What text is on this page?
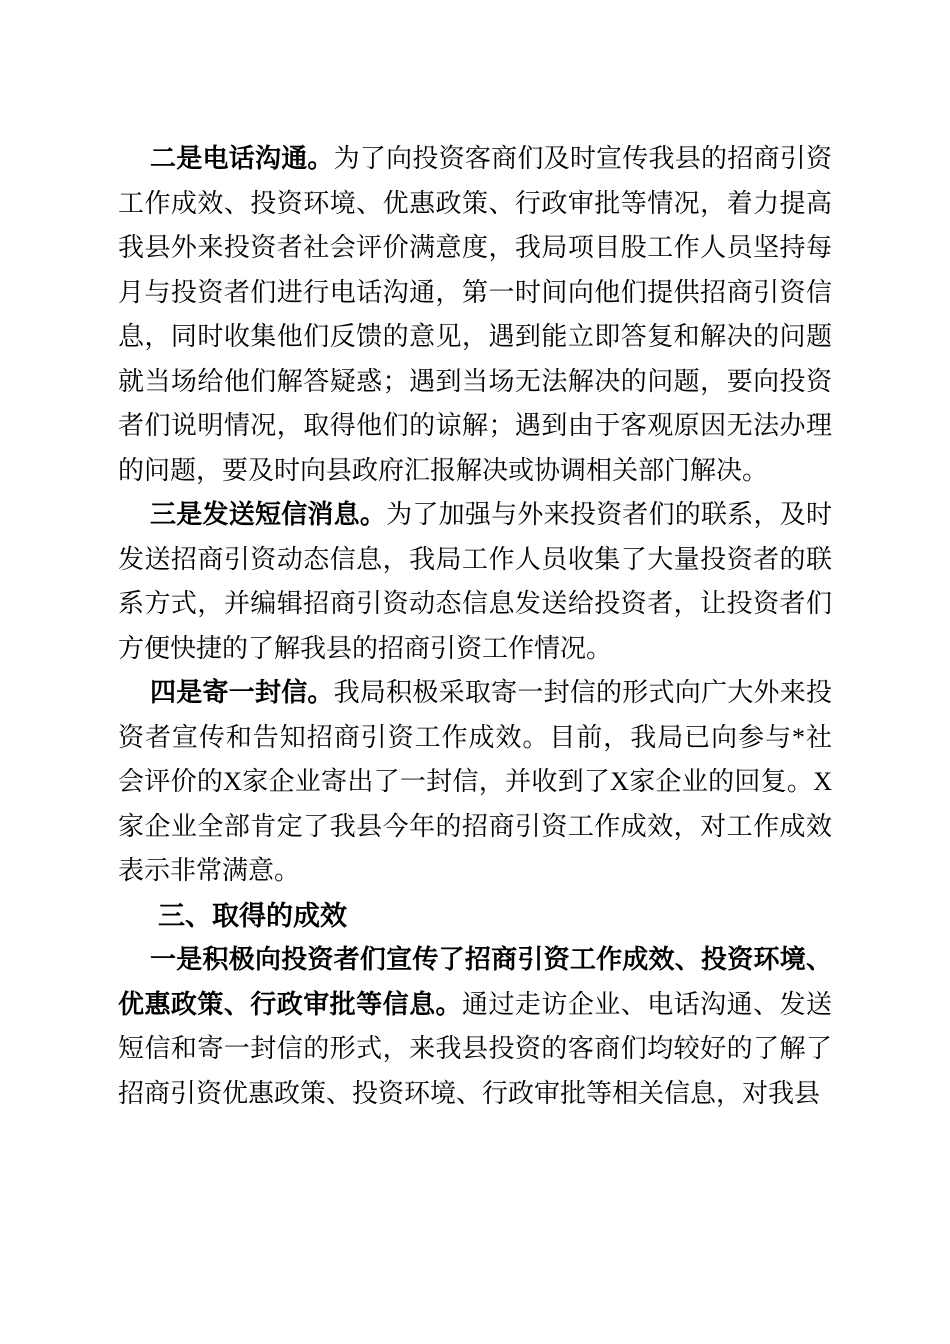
二是电话沟通。为了向投资客商们及时宣传我县的招商引资工作成效、投资环境、优惠政策、行政审批等情况，着力提高我县外来投资者社会评价满意度，我局项目股工作人员坚持每月与投资者们进行电话沟通，第一时间向他们提供招商引资信息，同时收集他们反馈的意见，遇到能立即答复和解决的问题就当场给他们解答疑惑；遇到当场无法解决的问题，要向投资者们说明情况，取得他们的谅解；遇到由于客观原因无法办理的问题，要及时向县政府汇报解决或协调相关部门解决。

三是发送短信消息。为了加强与外来投资者们的联系，及时发送招商引资动态信息，我局工作人员收集了大量投资者的联系方式，并编辑招商引资动态信息发送给投资者，让投资者们方便快捷的了解我县的招商引资工作情况。

四是寄一封信。我局积极采取寄一封信的形式向广大外来投资者宣传和告知招商引资工作成效。目前，我局已向参与*社会评价的X家企业寄出了一封信，并收到了X家企业的回复。X家企业全部肯定了我县今年的招商引资工作成效，对工作成效表示非常满意。

三、取得的成效

一是积极向投资者们宣传了招商引资工作成效、投资环境、优惠政策、行政审批等信息。通过走访企业、电话沟通、发送短信和寄一封信的形式，来我县投资的客商们均较好的了解了招商引资优惠政策、投资环境、行政审批等相关信息，对我县
